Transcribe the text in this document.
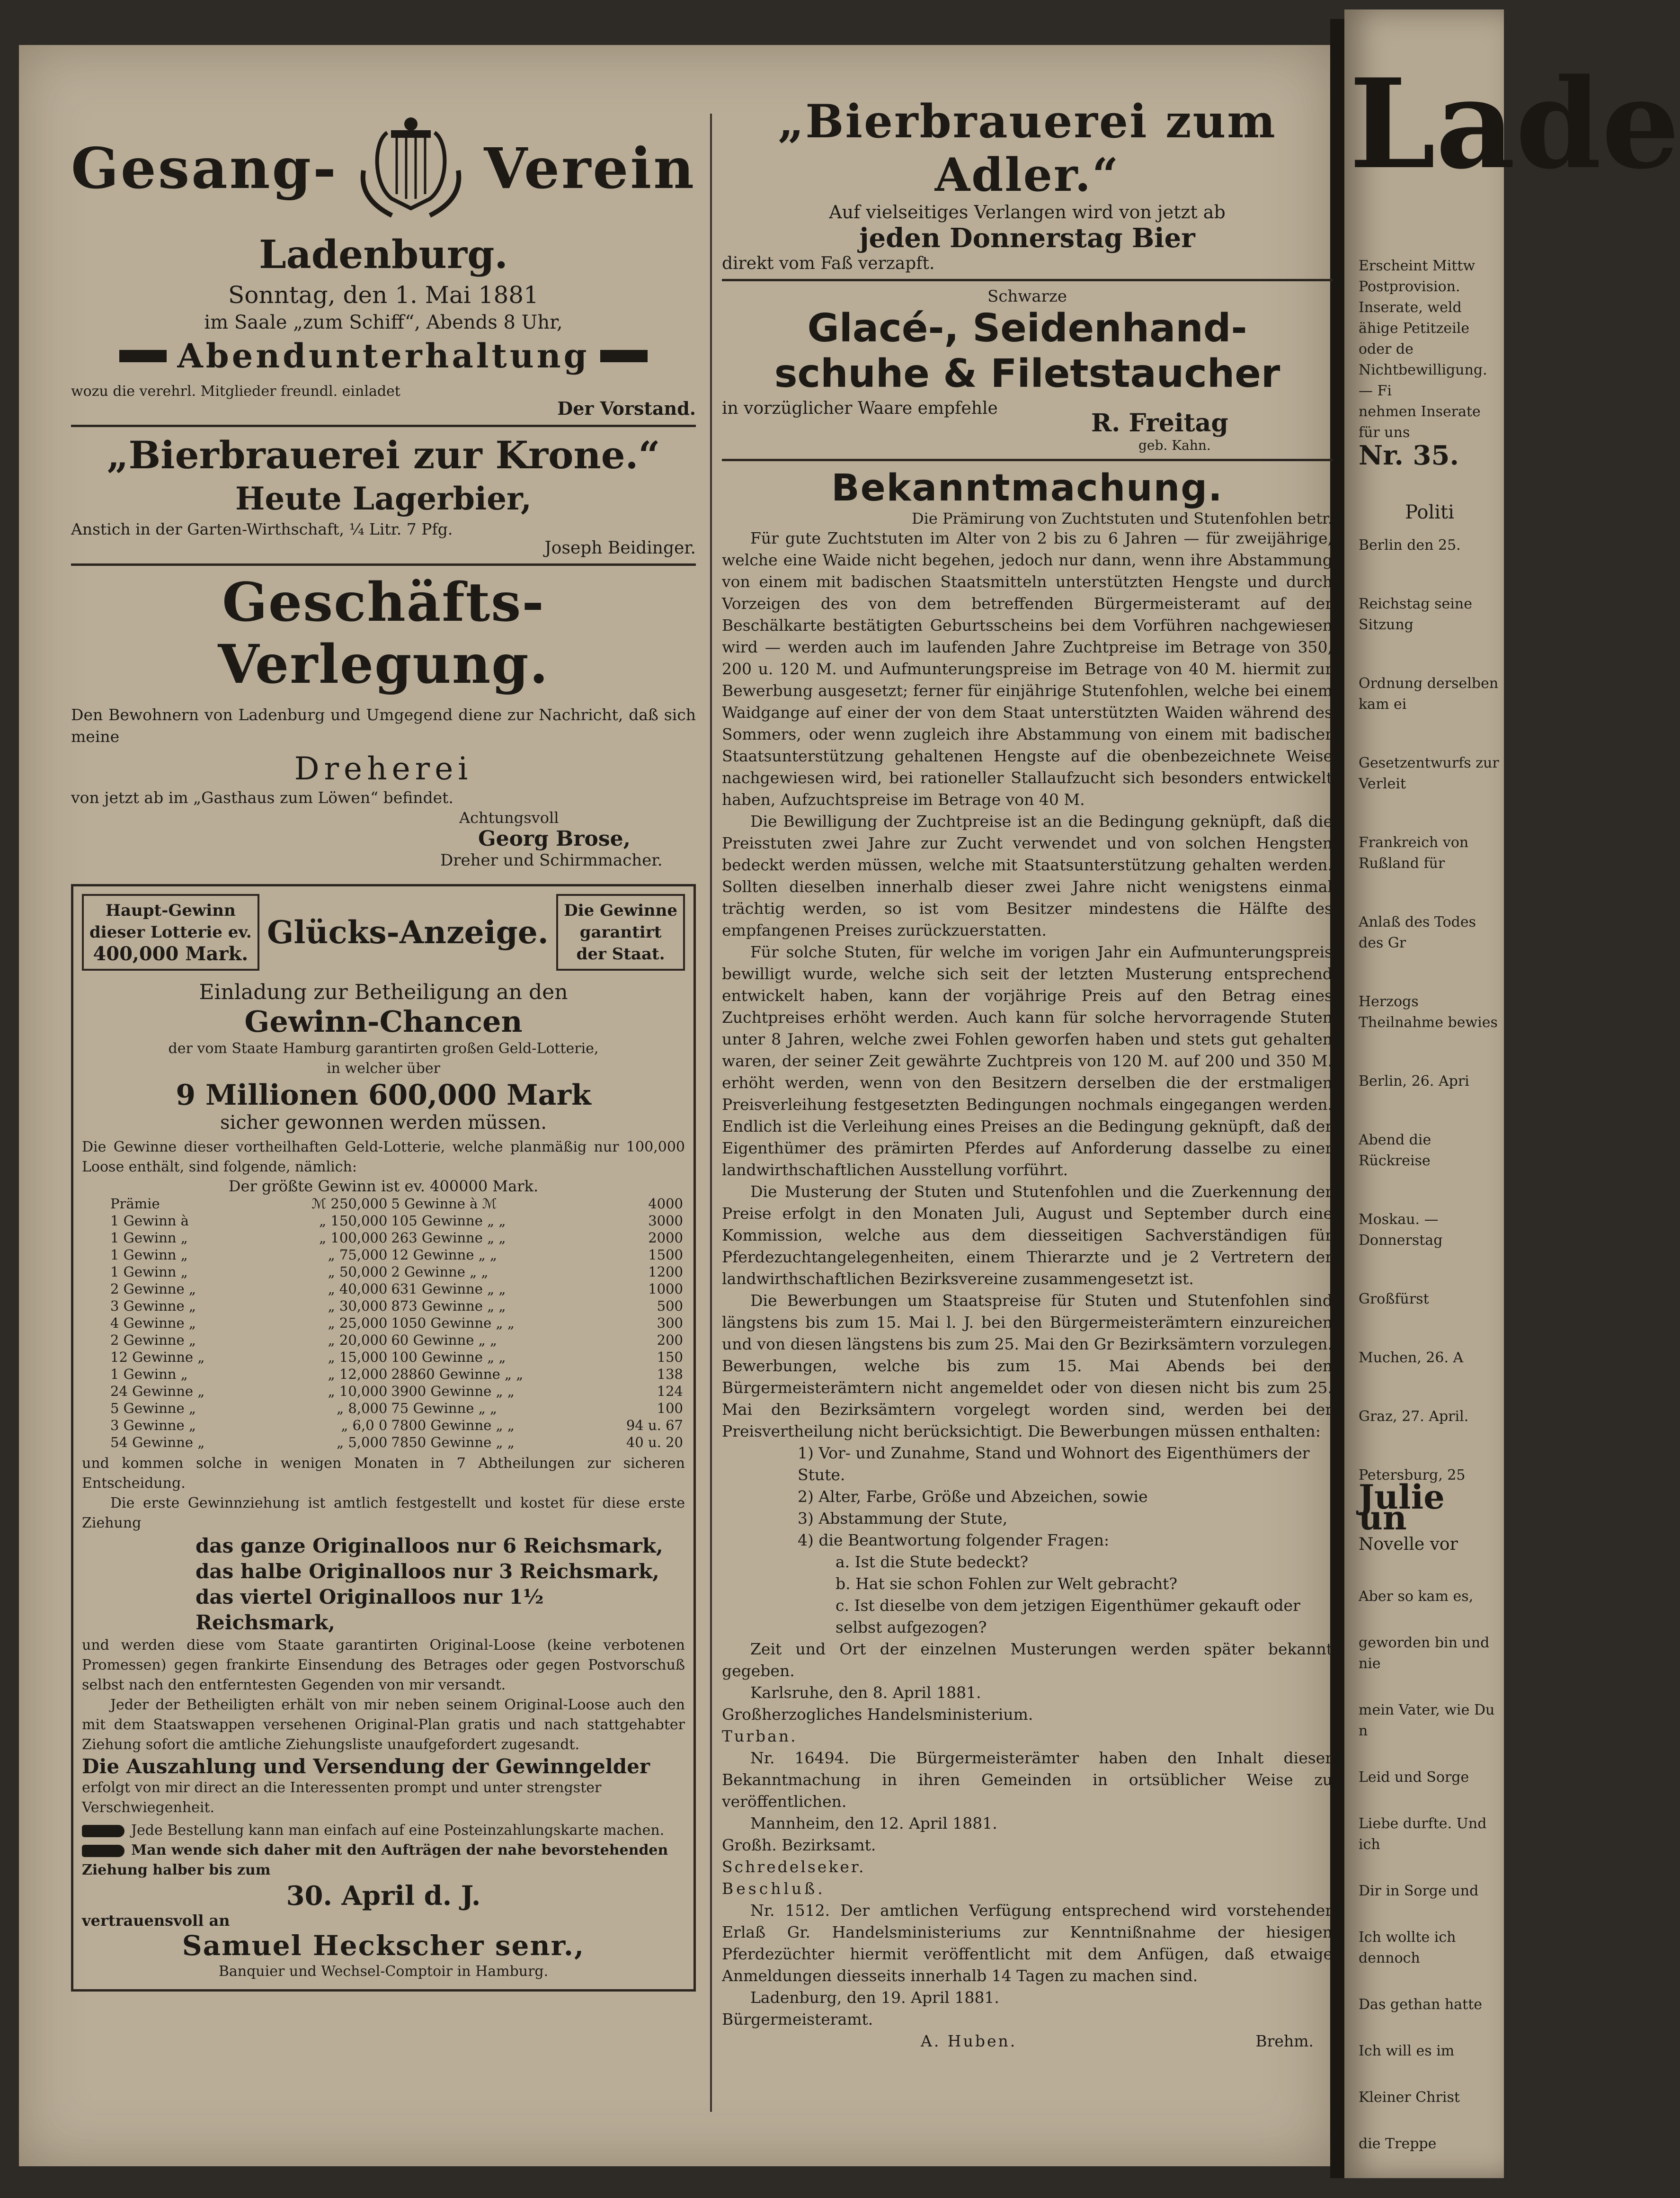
Gesang-	Verein
Ladenburg.
Sonntag, den 1. Mai 1881
im Saale „zum Schiff“, Abends 8 Uhr,
Abendunterhaltung
wozu die verehrl. Mitglieder freundl. einladet
Der Vorstand.
„Bierbrauerei zur Krone.“
Heute Lagerbier,
Anstich in der Garten-Wirthschaft, ¼ Litr. 7 Pfg.
Joseph Beidinger.
Geschäfts-Verlegung.
Den Bewohnern von Ladenburg und Umgegend diene zur Nachricht, daß sich meine
Dreherei
von jetzt ab im „Gasthaus zum Löwen“ befindet.
Achtungsvoll
Georg Brose,
Dreher und Schirmmacher.
Haupt-Gewinn
dieser Lotterie ev.
400,000 Mark.
Glücks-Anzeige.
Die Gewinne
garantirt
der Staat.
Einladung zur Betheiligung an den
Gewinn-Chancen
der vom Staate Hamburg garantirten großen Geld-Lotterie,
in welcher über
9 Millionen 600,000 Mark
sicher gewonnen werden müssen.
Die Gewinne dieser vortheilhaften Geld-Lotterie, welche planmäßig nur 100,000 Loose enthält, sind folgende, nämlich:
Der größte Gewinn ist ev. 400000 Mark.
Prämie	ℳ 250,000	5 Gewinne à ℳ	4000
1 Gewinn à	„ 150,000	105 Gewinne „ „	3000
1 Gewinn „	„ 100,000	263 Gewinne „ „	2000
1 Gewinn „	„ 75,000	12 Gewinne „ „	1500
1 Gewinn „	„ 50,000	2 Gewinne „ „	1200
2 Gewinne „	„ 40,000	631 Gewinne „ „	1000
3 Gewinne „	„ 30,000	873 Gewinne „ „	500
4 Gewinne „	„ 25,000	1050 Gewinne „ „	300
2 Gewinne „	„ 20,000	60 Gewinne „ „	200
12 Gewinne „	„ 15,000	100 Gewinne „ „	150
1 Gewinn „	„ 12,000	28860 Gewinne „ „	138
24 Gewinne „	„ 10,000	3900 Gewinne „ „	124
5 Gewinne „	„ 8,000	75 Gewinne „ „	100
3 Gewinne „	„ 6,0 0	7800 Gewinne „ „	94 u. 67
54 Gewinne „	„ 5,000	7850 Gewinne „ „	40 u. 20
und kommen solche in wenigen Monaten in 7 Abtheilungen zur sicheren Entscheidung.
Die erste Gewinnziehung ist amtlich festgestellt und kostet für diese erste Ziehung
das ganze Originalloos nur 6 Reichsmark,
das halbe Originalloos nur 3 Reichsmark,
das viertel Originalloos nur 1½ Reichsmark,
und werden diese vom Staate garantirten Original-Loose (keine verbotenen Promessen) gegen frankirte Einsendung des Betrages oder gegen Postvorschuß selbst nach den entferntesten Gegenden von mir versandt.
Jeder der Betheiligten erhält von mir neben seinem Original-Loose auch den mit dem Staatswappen versehenen Original-Plan gratis und nach stattgehabter Ziehung sofort die amtliche Ziehungsliste unaufgefordert zugesandt.
Die Auszahlung und Versendung der Gewinngelder
erfolgt von mir direct an die Interessenten prompt und unter strengster Verschwiegenheit.
Jede Bestellung kann man einfach auf eine Posteinzahlungskarte machen.
Man wende sich daher mit den Aufträgen der nahe bevorstehenden Ziehung halber bis zum
30. April d. J.
vertrauensvoll an
Samuel Heckscher senr.,
Banquier und Wechsel-Comptoir in Hamburg.
„Bierbrauerei zum Adler.“
Auf vielseitiges Verlangen wird von jetzt ab
jeden Donnerstag Bier
direkt vom Faß verzapft.
Schwarze
Glacé-, Seidenhand-
schuhe & Filetstaucher
in vorzüglicher Waare empfehle
R. Freitag
geb. Kahn.
Bekanntmachung.
Die Prämirung von Zuchtstuten und Stutenfohlen betr.
Für gute Zuchtstuten im Alter von 2 bis zu 6 Jahren — für zweijährige, welche eine Waide nicht begehen, jedoch nur dann, wenn ihre Abstammung von einem mit badischen Staatsmitteln unterstützten Hengste und durch Vorzeigen des von dem betreffenden Bürgermeisteramt auf der Beschälkarte bestätigten Geburtsscheins bei dem Vorführen nachgewiesen wird — werden auch im laufenden Jahre Zuchtpreise im Betrage von 350, 200 u. 120 M. und Aufmunterungspreise im Betrage von 40 M. hiermit zur Bewerbung ausgesetzt; ferner für einjährige Stutenfohlen, welche bei einem Waidgange auf einer der von dem Staat unterstützten Waiden während des Sommers, oder wenn zugleich ihre Abstammung von einem mit badischer Staatsunterstützung gehaltenen Hengste auf die obenbezeichnete Weise nachgewiesen wird, bei rationeller Stallaufzucht sich besonders entwickelt haben, Aufzuchtspreise im Betrage von 40 M.
Die Bewilligung der Zuchtpreise ist an die Bedingung geknüpft, daß die Preisstuten zwei Jahre zur Zucht verwendet und von solchen Hengsten bedeckt werden müssen, welche mit Staatsunterstützung gehalten werden. Sollten dieselben innerhalb dieser zwei Jahre nicht wenigstens einmal trächtig werden, so ist vom Besitzer mindestens die Hälfte des empfangenen Preises zurückzuerstatten.
Für solche Stuten, für welche im vorigen Jahr ein Aufmunterungspreis bewilligt wurde, welche sich seit der letzten Musterung entsprechend entwickelt haben, kann der vorjährige Preis auf den Betrag eines Zuchtpreises erhöht werden. Auch kann für solche hervorragende Stuten unter 8 Jahren, welche zwei Fohlen geworfen haben und stets gut gehalten waren, der seiner Zeit gewährte Zuchtpreis von 120 M. auf 200 und 350 M. erhöht werden, wenn von den Besitzern derselben die der erstmaligen Preisverleihung festgesetzten Bedingungen nochmals eingegangen werden. Endlich ist die Verleihung eines Preises an die Bedingung geknüpft, daß der Eigenthümer des prämirten Pferdes auf Anforderung dasselbe zu einer landwirthschaftlichen Ausstellung vorführt.
Die Musterung der Stuten und Stutenfohlen und die Zuerkennung der Preise erfolgt in den Monaten Juli, August und September durch eine Kommission, welche aus dem diesseitigen Sachverständigen für Pferdezuchtangelegenheiten, einem Thierarzte und je 2 Vertretern der landwirthschaftlichen Bezirksvereine zusammengesetzt ist.
Die Bewerbungen um Staatspreise für Stuten und Stutenfohlen sind längstens bis zum 15. Mai l. J. bei den Bürgermeisterämtern einzureichen und von diesen längstens bis zum 25. Mai den Gr Bezirksämtern vorzulegen. Bewerbungen, welche bis zum 15. Mai Abends bei den Bürgermeisterämtern nicht angemeldet oder von diesen nicht bis zum 25. Mai den Bezirksämtern vorgelegt worden sind, werden bei der Preisvertheilung nicht berücksichtigt. Die Bewerbungen müssen enthalten:
1) Vor- und Zunahme, Stand und Wohnort des Eigenthümers der Stute.
2) Alter, Farbe, Größe und Abzeichen, sowie
3) Abstammung der Stute,
4) die Beantwortung folgender Fragen:
a. Ist die Stute bedeckt?
b. Hat sie schon Fohlen zur Welt gebracht?
c. Ist dieselbe von dem jetzigen Eigenthümer gekauft oder selbst aufgezogen?
Zeit und Ort der einzelnen Musterungen werden später bekannt gegeben.
Karlsruhe, den 8. April 1881.
Großherzogliches Handelsministerium.
Turban.
Nr. 16494. Die Bürgermeisterämter haben den Inhalt dieser Bekanntmachung in ihren Gemeinden in ortsüblicher Weise zu veröffentlichen.
Mannheim, den 12. April 1881.
Großh. Bezirksamt.
Schredelseker.
Beschluß.
Nr. 1512. Der amtlichen Verfügung entsprechend wird vorstehender Erlaß Gr. Handelsministeriums zur Kenntnißnahme der hiesigen Pferdezüchter hiermit veröffentlicht mit dem Anfügen, daß etwaige Anmeldungen diesseits innerhalb 14 Tagen zu machen sind.
Ladenburg, den 19. April 1881.
Bürgermeisteramt.
A. Huben.	Brehm.
Lade
Erscheint Mittw
Postprovision.
Inserate, weld
ähige Petitzeile oder de
Nichtbewilligung. — Fi
nehmen Inserate für uns
Nr. 35.
Politi
Berlin den 25.
Reichstag seine Sitzung
Ordnung derselben kam ei
Gesetzentwurfs zur Verleit
Frankreich von Rußland für
Anlaß des Todes des Gr
Herzogs Theilnahme bewies
Berlin, 26. Apri
Abend die Rückreise
Moskau. — Donnerstag
Großfürst
Muchen, 26. A
Graz, 27. April.
Petersburg, 25
Julie un
Novelle vor
Aber so kam es,
geworden bin und nie
mein Vater, wie Du n
Leid und Sorge
Liebe durfte. Und ich
Dir in Sorge und
Ich wollte ich dennoch
Das gethan hatte
Ich will es im
Kleiner Christ
die Treppe
